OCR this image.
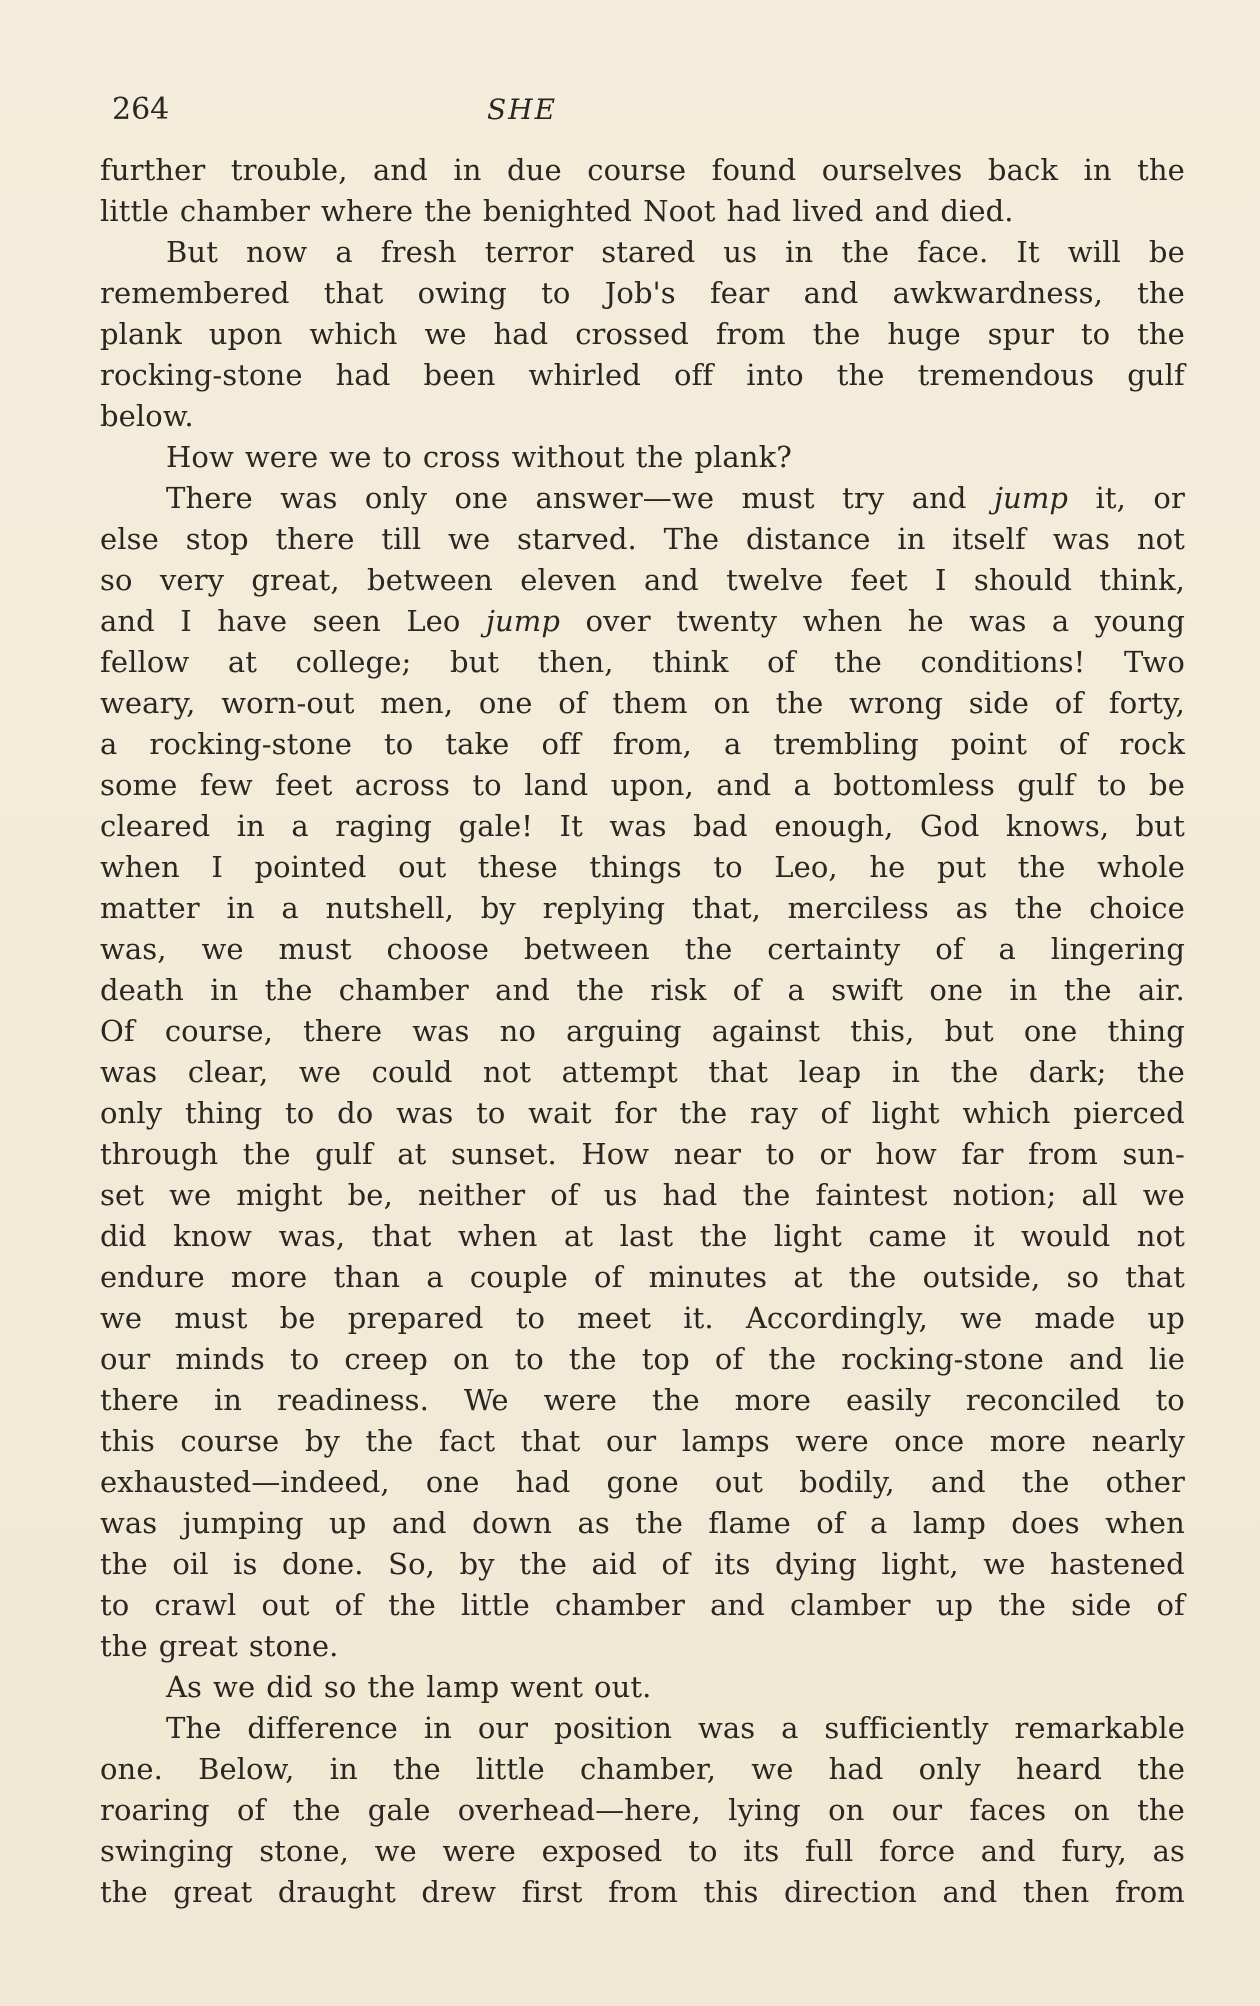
264	SHE
further trouble, and in due course found ourselves back in the
little chamber where the benighted Noot had lived and died.
But now a fresh terror stared us in the face. It will be
remembered that owing to Job's fear and awkwardness, the
plank upon which we had crossed from the huge spur to the
rocking-stone had been whirled off into the tremendous gulf
below.
How were we to cross without the plank?
There was only one answer—we must try and jump it, or
else stop there till we starved. The distance in itself was not
so very great, between eleven and twelve feet I should think,
and I have seen Leo jump over twenty when he was a young
fellow at college; but then, think of the conditions! Two
weary, worn-out men, one of them on the wrong side of forty,
a rocking-stone to take off from, a trembling point of rock
some few feet across to land upon, and a bottomless gulf to be
cleared in a raging gale! It was bad enough, God knows, but
when I pointed out these things to Leo, he put the whole
matter in a nutshell, by replying that, merciless as the choice
was, we must choose between the certainty of a lingering
death in the chamber and the risk of a swift one in the air.
Of course, there was no arguing against this, but one thing
was clear, we could not attempt that leap in the dark; the
only thing to do was to wait for the ray of light which pierced
through the gulf at sunset. How near to or how far from sun-
set we might be, neither of us had the faintest notion; all we
did know was, that when at last the light came it would not
endure more than a couple of minutes at the outside, so that
we must be prepared to meet it. Accordingly, we made up
our minds to creep on to the top of the rocking-stone and lie
there in readiness. We were the more easily reconciled to
this course by the fact that our lamps were once more nearly
exhausted—indeed, one had gone out bodily, and the other
was jumping up and down as the flame of a lamp does when
the oil is done. So, by the aid of its dying light, we hastened
to crawl out of the little chamber and clamber up the side of
the great stone.
As we did so the lamp went out.
The difference in our position was a sufficiently remarkable
one. Below, in the little chamber, we had only heard the
roaring of the gale overhead—here, lying on our faces on the
swinging stone, we were exposed to its full force and fury, as
the great draught drew first from this direction and then from
